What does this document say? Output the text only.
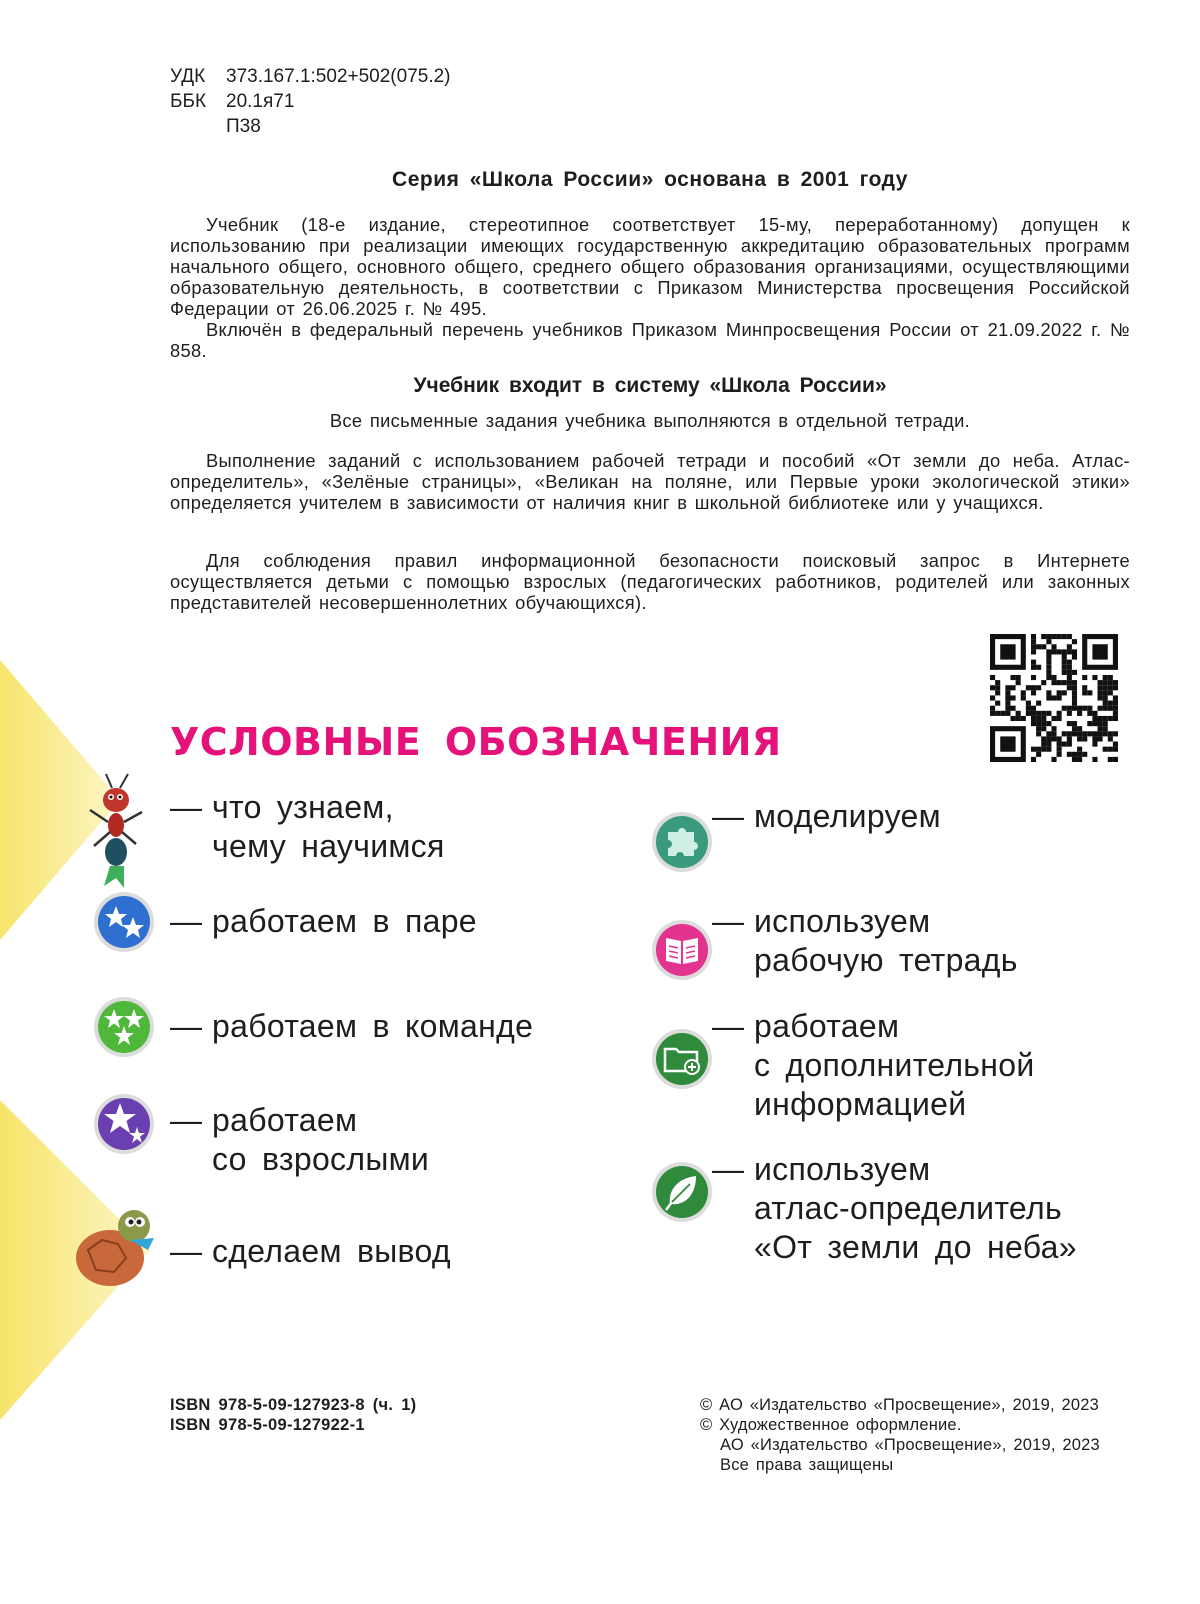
УДК 373.167.1:502+502(075.2)
ББК 20.1я71
П38
Серия «Школа России» основана в 2001 году

Учебник (18-е издание, стереотипное соответствует 15-му, переработанному) допущен к использованию при реализации имеющих государственную аккредитацию образовательных программ начального общего, основного общего, среднего общего образования организациями, осуществляющими образовательную деятельность, в соответствии с Приказом Министерства просвещения Российской Федерации от 26.06.2025 г. № 495.

Включён в федеральный перечень учебников Приказом Минпросвещения России от 21.09.2022 г. № 858.

Учебник входит в систему «Школа России»
Все письменные задания учебника выполняются в отдельной тетради.

Выполнение заданий с использованием рабочей тетради и пособий «От земли до неба. Атлас-определитель», «Зелёные страницы», «Великан на поляне, или Первые уроки экологической этики» определяется учителем в зависимости от наличия книг в школьной библиотеке или у учащихся.

Для соблюдения правил информационной безопасности поисковый запрос в Интернете осуществляется детьми с помощью взрослых (педагогических работников, родителей или законных представителей несовершеннолетних обучающихся).

УСЛОВНЫЕ ОБОЗНАЧЕНИЯ
— что узнаем,
чему научимся
— работаем в паре
— работаем в команде
— работаем
со взрослыми
— сделаем вывод
— моделируем
— используем
рабочую тетрадь
— работаем
с дополнительной
информацией
— используем
атлас-определитель
«От земли до неба»
ISBN 978-5-09-127923-8 (ч. 1)
ISBN 978-5-09-127922-1
© АО «Издательство «Просвещение», 2019, 2023
© Художественное оформление.
АО «Издательство «Просвещение», 2019, 2023
Все права защищены
